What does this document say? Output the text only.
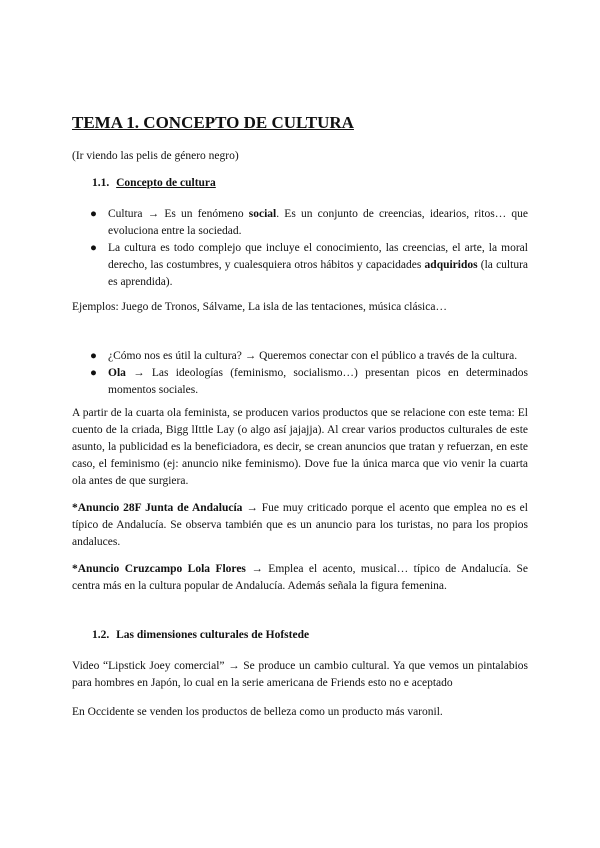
TEMA 1. CONCEPTO DE CULTURA

(Ir viendo las pelis de género negro)

1.1. Concepto de cultura

● Cultura → Es un fenómeno social. Es un conjunto de creencias, idearios, ritos… que evoluciona entre la sociedad.
● La cultura es todo complejo que incluye el conocimiento, las creencias, el arte, la moral derecho, las costumbres, y cualesquiera otros hábitos y capacidades adquiridos (la cultura es aprendida).

Ejemplos: Juego de Tronos, Sálvame, La isla de las tentaciones, música clásica…

● ¿Cómo nos es útil la cultura? → Queremos conectar con el público a través de la cultura.
● Ola → Las ideologías (feminismo, socialismo…) presentan picos en determinados momentos sociales.

A partir de la cuarta ola feminista, se producen varios productos que se relacione con este tema: El cuento de la criada, Bigg lIttle Lay (o algo así jajajja). Al crear varios productos culturales de este asunto, la publicidad es la beneficiadora, es decir, se crean anuncios que tratan y refuerzan, en este caso, el feminismo (ej: anuncio nike feminismo). Dove fue la única marca que vio venir la cuarta ola antes de que surgiera.

*Anuncio 28F Junta de Andalucía → Fue muy criticado porque el acento que emplea no es el típico de Andalucía. Se observa también que es un anuncio para los turistas, no para los propios andaluces.

*Anuncio Cruzcampo Lola Flores → Emplea el acento, musical… típico de Andalucía. Se centra más en la cultura popular de Andalucía. Además señala la figura femenina.

1.2. Las dimensiones culturales de Hofstede

Video “Lipstick Joey comercial” → Se produce un cambio cultural. Ya que vemos un pintalabios para hombres en Japón, lo cual en la serie americana de Friends esto no e aceptado

En Occidente se venden los productos de belleza como un producto más varonil.
